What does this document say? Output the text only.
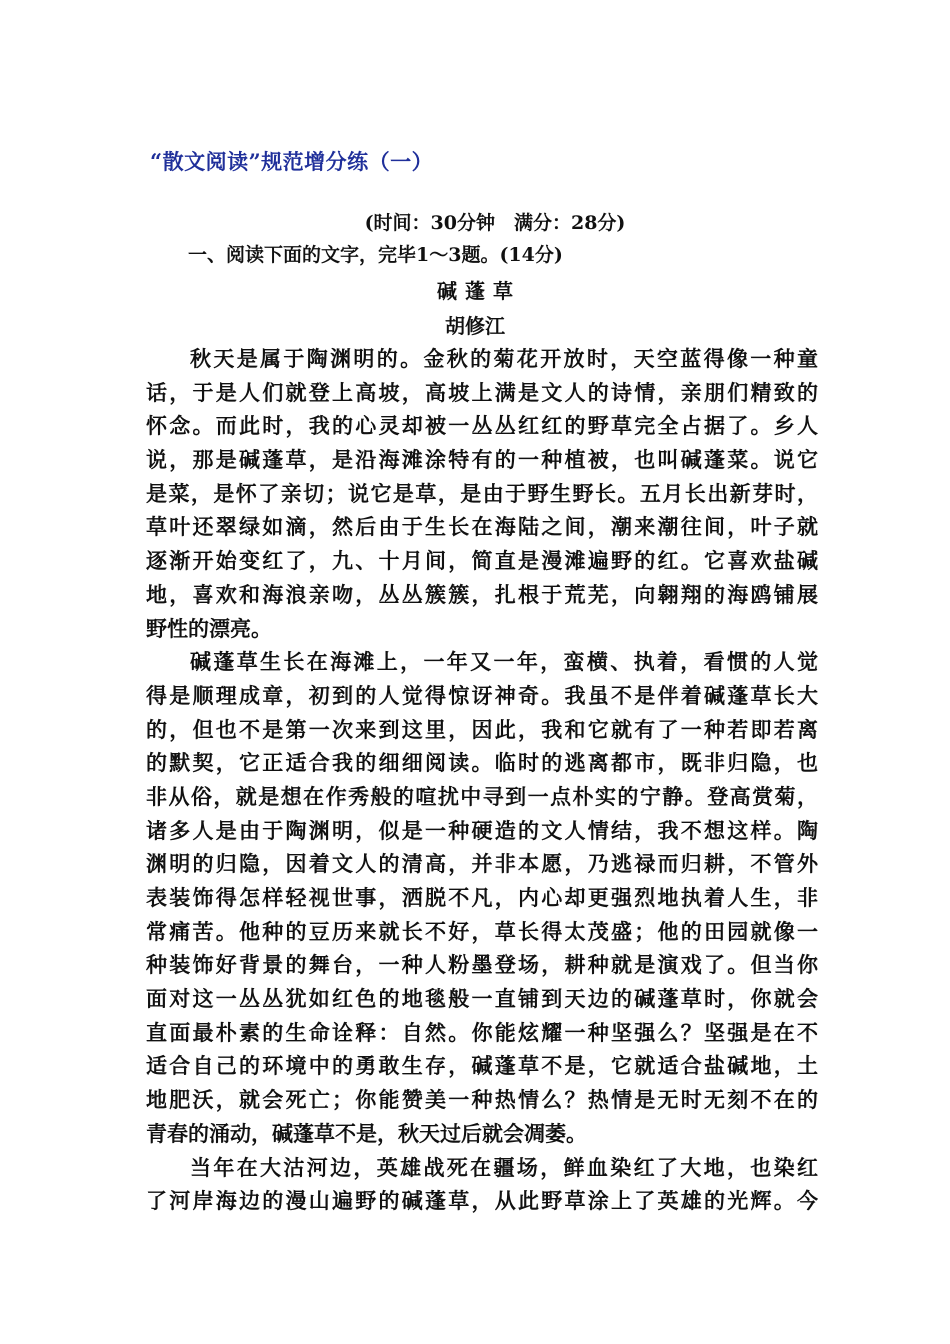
“散文阅读”规范增分练（一）
(时间：30分钟　满分：28分)
一、阅读下面的文字，完毕1～3题。(14分)
碱蓬草
胡修江
秋天是属于陶渊明的。金秋的菊花开放时，天空蓝得像一种童
话，于是人们就登上高坡，高坡上满是文人的诗情，亲朋们精致的
怀念。而此时，我的心灵却被一丛丛红红的野草完全占据了。乡人
说，那是碱蓬草，是沿海滩涂特有的一种植被，也叫碱蓬菜。说它
是菜，是怀了亲切；说它是草，是由于野生野长。五月长出新芽时，
草叶还翠绿如滴，然后由于生长在海陆之间，潮来潮往间，叶子就
逐渐开始变红了，九、十月间，简直是漫滩遍野的红。它喜欢盐碱
地，喜欢和海浪亲吻，丛丛簇簇，扎根于荒芜，向翱翔的海鸥铺展
野性的漂亮。
碱蓬草生长在海滩上，一年又一年，蛮横、执着，看惯的人觉
得是顺理成章，初到的人觉得惊讶神奇。我虽不是伴着碱蓬草长大
的，但也不是第一次来到这里，因此，我和它就有了一种若即若离
的默契，它正适合我的细细阅读。临时的逃离都市，既非归隐，也
非从俗，就是想在作秀般的喧扰中寻到一点朴实的宁静。登高赏菊，
诸多人是由于陶渊明，似是一种硬造的文人情结，我不想这样。陶
渊明的归隐，因着文人的清高，并非本愿，乃逃禄而归耕，不管外
表装饰得怎样轻视世事，洒脱不凡，内心却更强烈地执着人生，非
常痛苦。他种的豆历来就长不好，草长得太茂盛；他的田园就像一
种装饰好背景的舞台，一种人粉墨登场，耕种就是演戏了。但当你
面对这一丛丛犹如红色的地毯般一直铺到天边的碱蓬草时，你就会
直面最朴素的生命诠释：自然。你能炫耀一种坚强么？坚强是在不
适合自己的环境中的勇敢生存，碱蓬草不是，它就适合盐碱地，土
地肥沃，就会死亡；你能赞美一种热情么？热情是无时无刻不在的
青春的涌动，碱蓬草不是，秋天过后就会凋萎。
当年在大沽河边，英雄战死在疆场，鲜血染红了大地，也染红
了河岸海边的漫山遍野的碱蓬草，从此野草涂上了英雄的光辉。今
